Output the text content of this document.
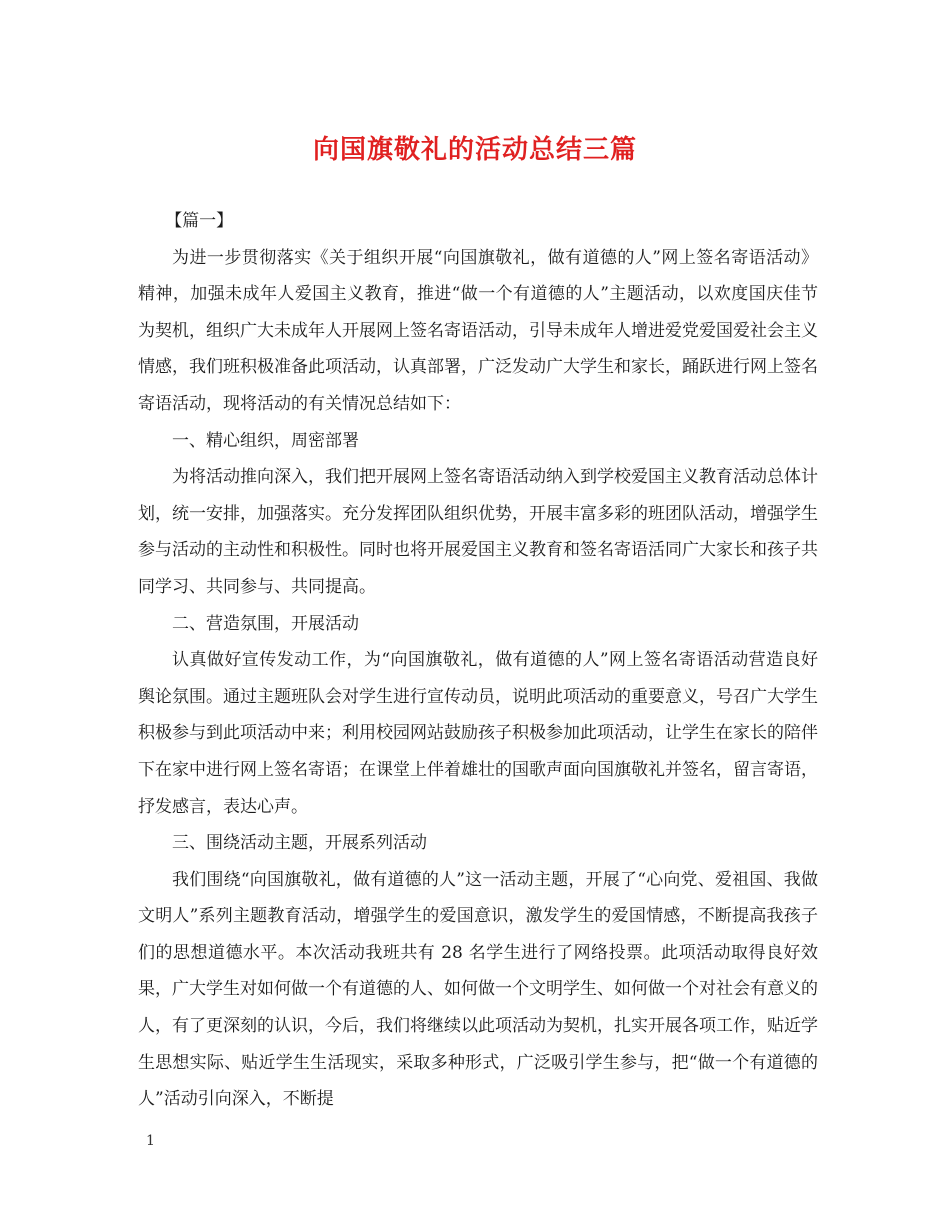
向国旗敬礼的活动总结三篇

【篇一】

为进一步贯彻落实《关于组织开展“向国旗敬礼，做有道德的人”网上签名寄语活动》精神，加强未成年人爱国主义教育，推进“做一个有道德的人”主题活动，以欢度国庆佳节为契机，组织广大未成年人开展网上签名寄语活动，引导未成年人增进爱党爱国爱社会主义情感，我们班积极准备此项活动，认真部署，广泛发动广大学生和家长，踊跃进行网上签名寄语活动，现将活动的有关情况总结如下：

一、精心组织，周密部署

为将活动推向深入，我们把开展网上签名寄语活动纳入到学校爱国主义教育活动总体计划，统一安排，加强落实。充分发挥团队组织优势，开展丰富多彩的班团队活动，增强学生参与活动的主动性和积极性。同时也将开展爱国主义教育和签名寄语活同广大家长和孩子共同学习、共同参与、共同提高。

二、营造氛围，开展活动

认真做好宣传发动工作，为“向国旗敬礼，做有道德的人”网上签名寄语活动营造良好舆论氛围。通过主题班队会对学生进行宣传动员，说明此项活动的重要意义，号召广大学生积极参与到此项活动中来；利用校园网站鼓励孩子积极参加此项活动，让学生在家长的陪伴下在家中进行网上签名寄语；在课堂上伴着雄壮的国歌声面向国旗敬礼并签名，留言寄语，抒发感言，表达心声。

三、围绕活动主题，开展系列活动

我们围绕“向国旗敬礼，做有道德的人”这一活动主题，开展了“心向党、爱祖国、我做文明人”系列主题教育活动，增强学生的爱国意识，激发学生的爱国情感，不断提高我孩子们的思想道德水平。本次活动我班共有 28 名学生进行了网络投票。此项活动取得良好效果，广大学生对如何做一个有道德的人、如何做一个文明学生、如何做一个对社会有意义的人，有了更深刻的认识，今后，我们将继续以此项活动为契机，扎实开展各项工作，贴近学生思想实际、贴近学生生活现实，采取多种形式，广泛吸引学生参与，把“做一个有道德的人”活动引向深入，不断提

1
